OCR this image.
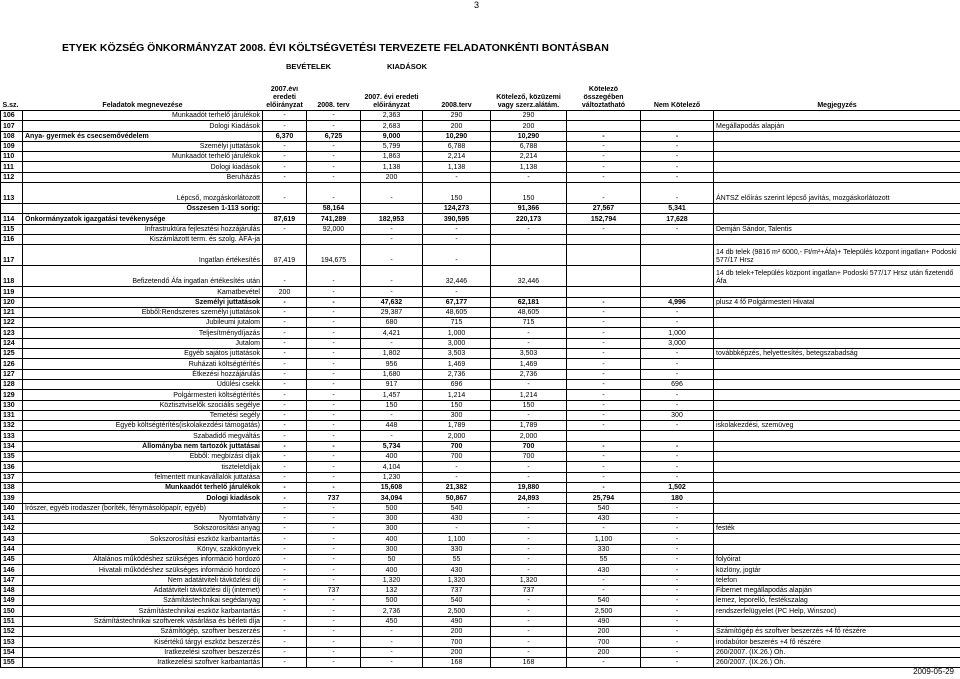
3
ETYEK KÖZSÉG ÖNKORMÁNYZAT 2008. ÉVI KÖLTSÉGVETÉSI TERVEZETE FELADATONKÉNTI BONTÁSBAN
BEVÉTELEK	KIADÁSOK
S.sz.	Feladatok megnevezése	2007.évi eredeti előirányzat	2008. terv	2007. évi eredeti előirányzat	2008.terv	Kötelező, közüzemi vagy szerz.alátám.	Kötelező összegében változtatható	Nem Kötelező	Megjegyzés
106	Munkaadót terhelő járulékok	-	-	2,363	290	290			
107	Dologi Kiadások	-	-	2,683	200	200			Megállapodás alapján
108	Anya- gyermek és csecsemővédelem	6,370	6,725	9,000	10,290	10,290	-	-	
109	Személyi juttatások	-	-	5,799	6,788	6,788	-	-	
110	Munkaadót terhelő járulékok	-	-	1,863	2,214	2,214	-	-	
111	Dologi kiadások	-	-	1,138	1,138	1,138	-	-	
112	Beruházás	-	-	200	-	-	-	-	
113	Lépcső, mozgáskorlátozott	-	-	-	150	150	-	-	ÁNTSZ előírás szerint lépcső javítás, mozgáskorlátozott
	Összesen 1-113 sorig:		58,164		124,273	91,366	27,567	5,341	
114	Önkormányzatok igazgatási tevékenysége	87,619	741,289	182,953	390,595	220,173	152,794	17,628	
115	Infrastruktúra fejlesztési hozzájárulás	-	92,000	-	-	-	-	-	Demján Sándor, Talentis
116	Kiszámlázott term. és szolg. ÁFÁ-ja			-	-				
117	Ingatlan értékesítés	87,419	194,675	-	-				14 db telek (9816 m² 6000,- Ft/m²+Áfa)+ Település központ ingatlan+ Podoski 577/17 Hrsz
118	Befizetendő Áfa ingatlan értékesítés után	-	-	-	32,446	32,446			14 db telek+Település központ ingatlan+ Podoski 577/17 Hrsz után fizetendő Áfa
119	Kamatbevétel	200	-	-	-				
120	Személyi juttatások	-	-	47,632	67,177	62,181	-	4,996	plusz 4 fő Polgármesteri Hivatal
121	Ebből:Rendszeres személyi juttatások	-	-	29,387	48,605	48,605	-	-	
122	Jubileumi jutalom	-	-	680	715	715	-	-	
123	Teljesítménydíjazás	-	-	4,421	1,000	-	-	1,000	
124	Jutalom	-	-	-	3,000	-	-	3,000	
125	Egyéb sajátos juttatások	-	-	1,802	3,503	3,503	-	-	továbbképzés, helyettesítés, betegszabadság
126	Ruházati költségtérítés	-	-	956	1,469	1,469	-	-	
127	Étkezési hozzájárulás	-	-	1,680	2,736	2,736	-	-	
128	Üdülési csekk	-	-	917	696	-	-	696	
129	Polgármesteri költségtérítés	-	-	1,457	1,214	1,214	-	-	
130	Köztisztviselők szociális segélye	-	-	150	150	150	-	-	
131	Temetési segély	-	-	-	300	-	-	300	
132	Egyéb költségtérítés(iskolakezdési támogatás)	-	-	448	1,789	1,789	-	-	iskolakezdési, szemüveg
133	Szabadidő megváltás	-	-	-	2,000	2,000			
134	Állományba nem tartozók juttatásai	-	-	5,734	700	700	-	-	
135	Ebből: megbízási díjak	-	-	400	700	700	-	-	
136	tiszteletdíjak	-	-	4,104	-	-	-	-	
137	felmentett munkavállalók juttatása	-	-	1,230	-	-	-	-	
138	Munkaadót terhelő járulékok	-	-	15,608	21,382	19,880	-	1,502	
139	Dologi kiadások	-	737	34,094	50,867	24,893	25,794	180	
140	Írószer, egyéb irodaszer (boríték, fénymásolópapír, egyéb)	-	-	500	540	-	540	-	
141	Nyomtatvány	-	-	300	430	-	430	-	
142	Sokszorosítási anyag	-	-	300	-	-	-	-	festék
143	Sokszorosítási eszköz karbantartás	-	-	400	1,100	-	1,100	-	
144	Könyv, szakkönyvek	-	-	300	330	-	330	-	
145	Általános működéshez szükséges információ hordozó	-	-	50	55	-	55	-	folyóirat
146	Hivatali működéshez szükséges információ hordozó	-	-	400	430	-	430	-	közlöny, jogtár
147	Nem adatátviteli távközlési díj	-	-	1,320	1,320	1,320	-	-	telefon
148	Adatátviteli távközlési díj (internet)	-	737	132	737	737	-	-	Fibernet megállapodás alapján
149	Számítástechnikai segédanyag	-	-	500	540	-	540	-	lemez, leporelló, festékszalag
150	Számítástechnikai eszköz karbantartás	-	-	2,736	2,500	-	2,500	-	rendszerfelügyelet (PC Help, Winszoc)
151	Számítástechnikai szoftverek vásárlása és bérleti díja	-	-	450	490	-	490	-	
152	Számítógép, szoftver beszerzés	-	-	-	200	-	200	-	Számítógép és szoftver beszerzés +4 fő részére
153	Kisértékű tárgyi eszköz beszerzés	-	-	-	700	-	700	-	irodabútor beszerés +4 fő részére
154	Iratkezelési szoftver beszerzés	-	-	-	200	-	200	-	260/2007. (IX.26.) Öh.
155	Iratkezelési szoftver karbantartás	-	-	-	168	168	-	-	260/2007. (IX.26.) Öh.
2009-05-29
